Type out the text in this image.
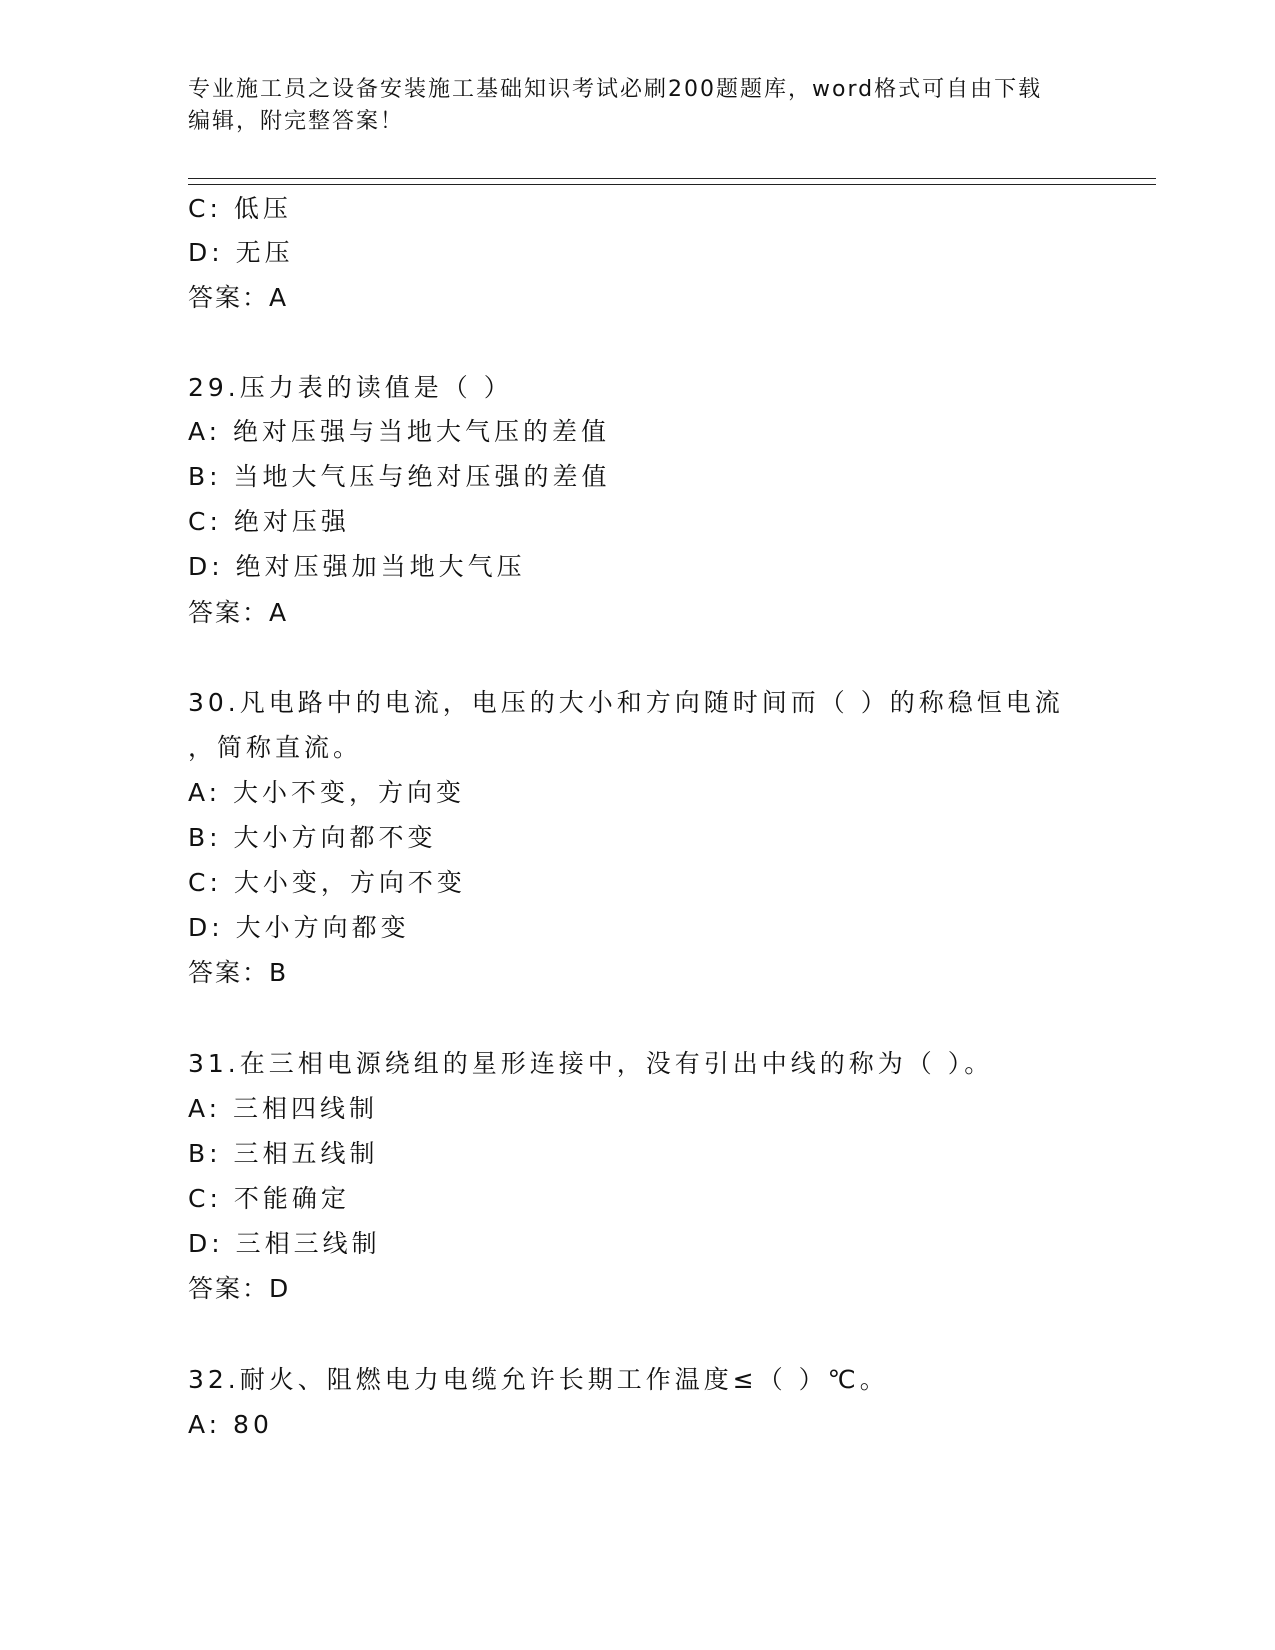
专业施工员之设备安装施工基础知识考试必刷200题题库，word格式可自由下载
编辑，附完整答案！
C: 低压
D: 无压
答案：A
29.压力表的读值是（ ）
A: 绝对压强与当地大气压的差值
B: 当地大气压与绝对压强的差值
C: 绝对压强
D: 绝对压强加当地大气压
答案：A
30.凡电路中的电流，电压的大小和方向随时间而（ ）的称稳恒电流
，简称直流。
A: 大小不变，方向变
B: 大小方向都不变
C: 大小变，方向不变
D: 大小方向都变
答案：B
31.在三相电源绕组的星形连接中，没有引出中线的称为（ ）。
A: 三相四线制
B: 三相五线制
C: 不能确定
D: 三相三线制
答案：D
32.耐火、阻燃电力电缆允许长期工作温度≤（ ）℃。
A: 80
